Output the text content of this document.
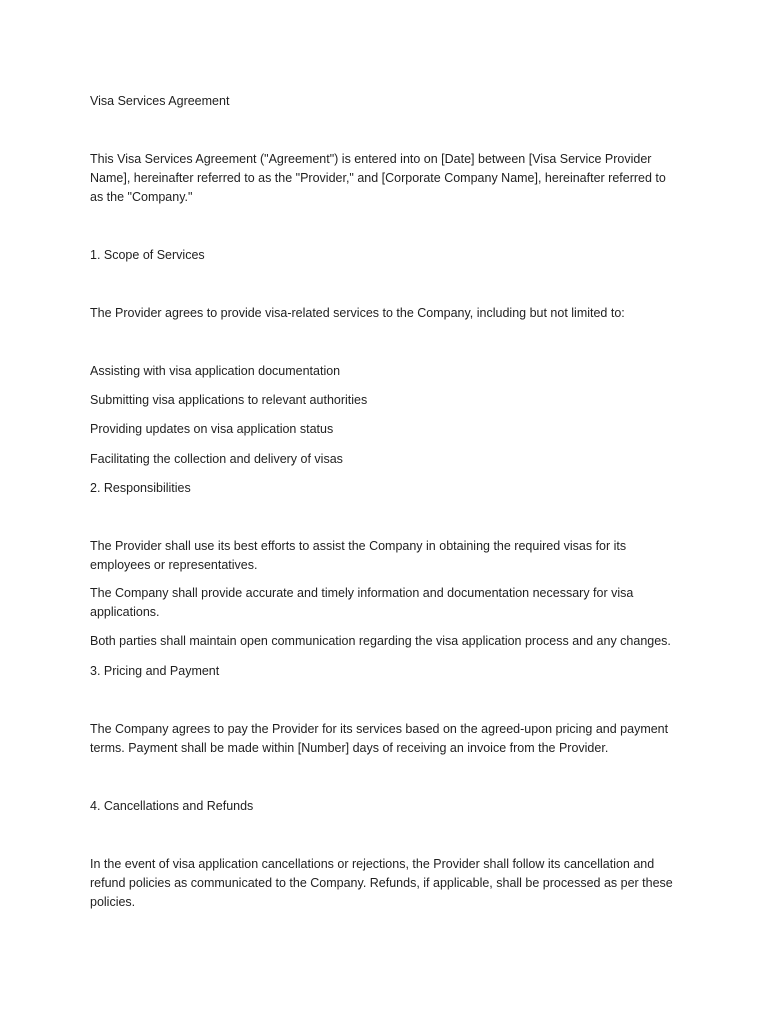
Visa Services Agreement

This Visa Services Agreement ("Agreement") is entered into on [Date] between [Visa Service Provider Name], hereinafter referred to as the "Provider," and [Corporate Company Name], hereinafter referred to as the "Company."

1. Scope of Services

The Provider agrees to provide visa-related services to the Company, including but not limited to:

Assisting with visa application documentation

Submitting visa applications to relevant authorities

Providing updates on visa application status

Facilitating the collection and delivery of visas

2. Responsibilities

The Provider shall use its best efforts to assist the Company in obtaining the required visas for its employees or representatives.

The Company shall provide accurate and timely information and documentation necessary for visa applications.

Both parties shall maintain open communication regarding the visa application process and any changes.

3. Pricing and Payment

The Company agrees to pay the Provider for its services based on the agreed-upon pricing and payment terms. Payment shall be made within [Number] days of receiving an invoice from the Provider.

4. Cancellations and Refunds

In the event of visa application cancellations or rejections, the Provider shall follow its cancellation and refund policies as communicated to the Company. Refunds, if applicable, shall be processed as per these policies.
